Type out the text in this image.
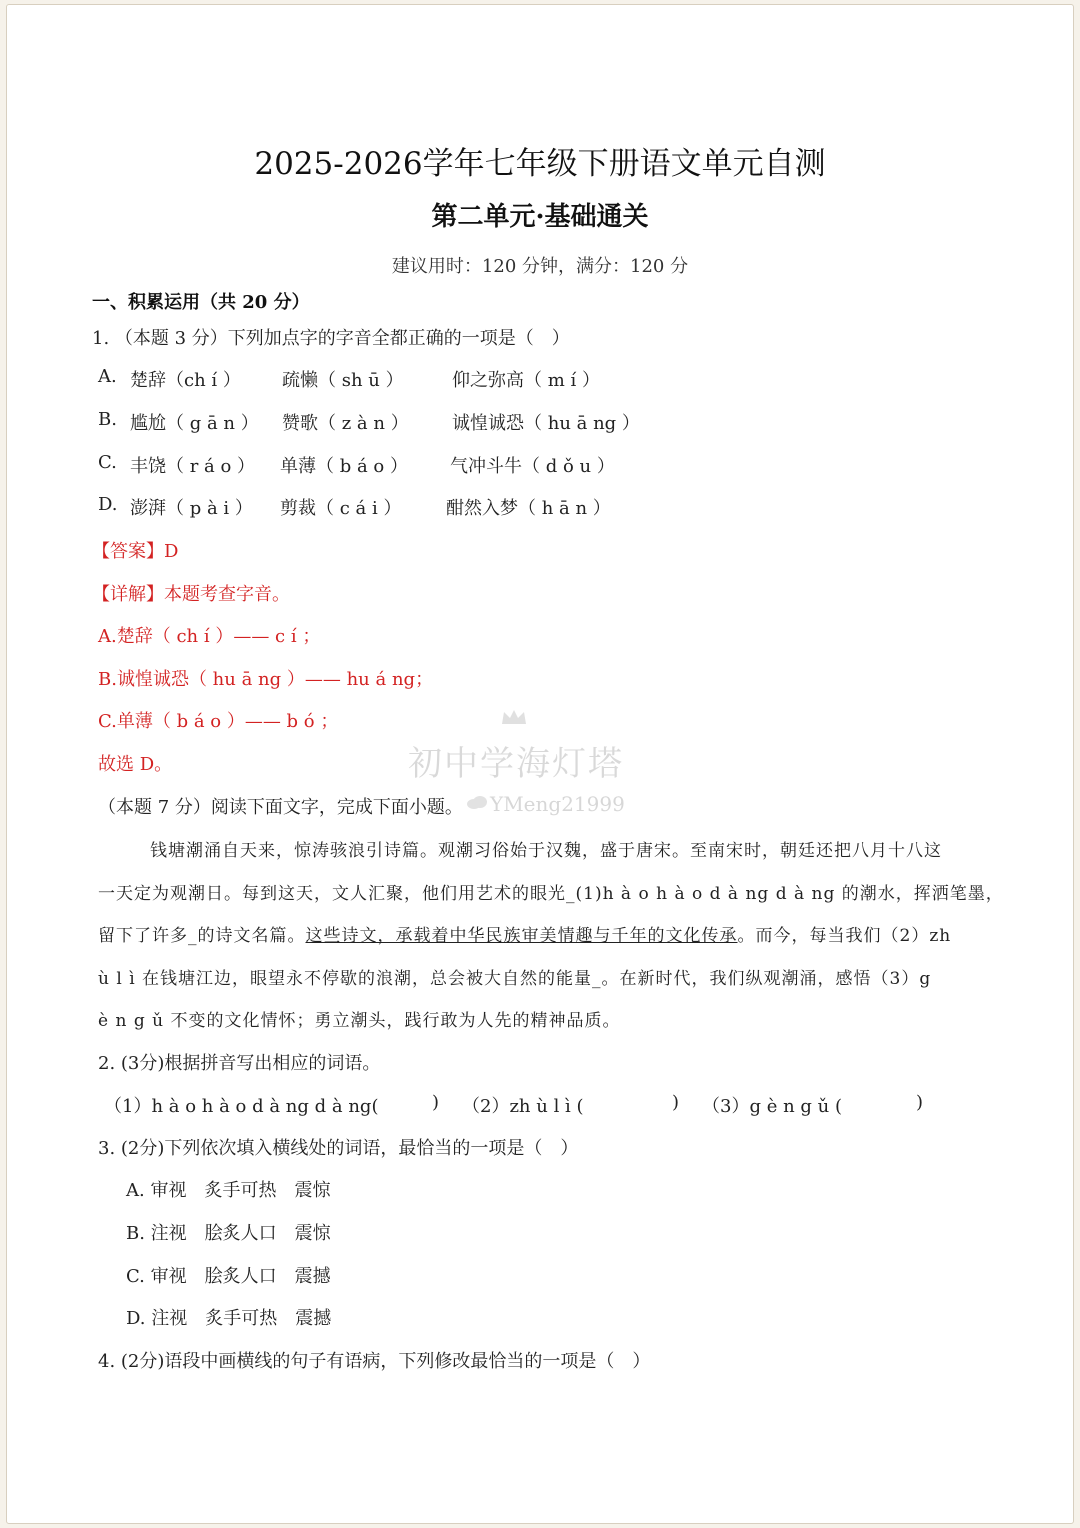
2025-2026学年七年级下册语文单元自测
第二单元·基础通关
建议用时：120 分钟，满分：120 分
一、积累运用（共 20 分）
1. （本题 3 分）下列加点字的字音全都正确的一项是（　）
A. 楚辞（ch í ） 疏懒（ sh ū ）	仰之弥高（ m í ）
B. 尴尬（ g ā n ） 赞歌（ z à n ） 诚惶诚恐（ hu ā ng ）
C. 丰饶（ r á o ） 单薄（ b á o ） 气冲斗牛（ d ǒ u ）
D. 澎湃（ p à i ） 剪裁（ c á i ） 酣然入梦（ h ā n ）
【答案】D
【详解】本题考查字音。
A.楚辞（ ch í ）—— c í ；
B.诚惶诚恐（ hu ā ng ）—— hu á ng；
C.单薄（ b á o ）—— b ó ；
故选 D。	初中学海灯塔
YMeng21999
（本题 7 分）阅读下面文字，完成下面小题。
钱塘潮涌自天来，惊涛骇浪引诗篇。观潮习俗始于汉魏，盛于唐宋。至南宋时，朝廷还把八月十八这
一天定为观潮日。每到这天，文人汇聚，他们用艺术的眼光_(1)h à o h à o d à ng d à ng 的潮水，挥洒笔墨，
留下了许多_的诗文名篇。这些诗文，承载着中华民族审美情趣与千年的文化传承。而今，每当我们（2）zh
ù l ì 在钱塘江边，眼望永不停歇的浪潮，总会被大自然的能量_。在新时代，我们纵观潮涌，感悟（3）g
è n g ǔ 不变的文化情怀；勇立潮头，践行敢为人先的精神品质。
2. (3分)根据拼音写出相应的词语。
（1）h à o h à o d à ng d à ng(	) （2）zh ù l ì (	) （3）g è n g ǔ (	)
3. (2分)下列依次填入横线处的词语，最恰当的一项是（　）
A. 审视　炙手可热　震惊
B. 注视　脍炙人口　震惊
C. 审视　脍炙人口　震撼
D. 注视　炙手可热　震撼
4. (2分)语段中画横线的句子有语病，下列修改最恰当的一项是（　）
